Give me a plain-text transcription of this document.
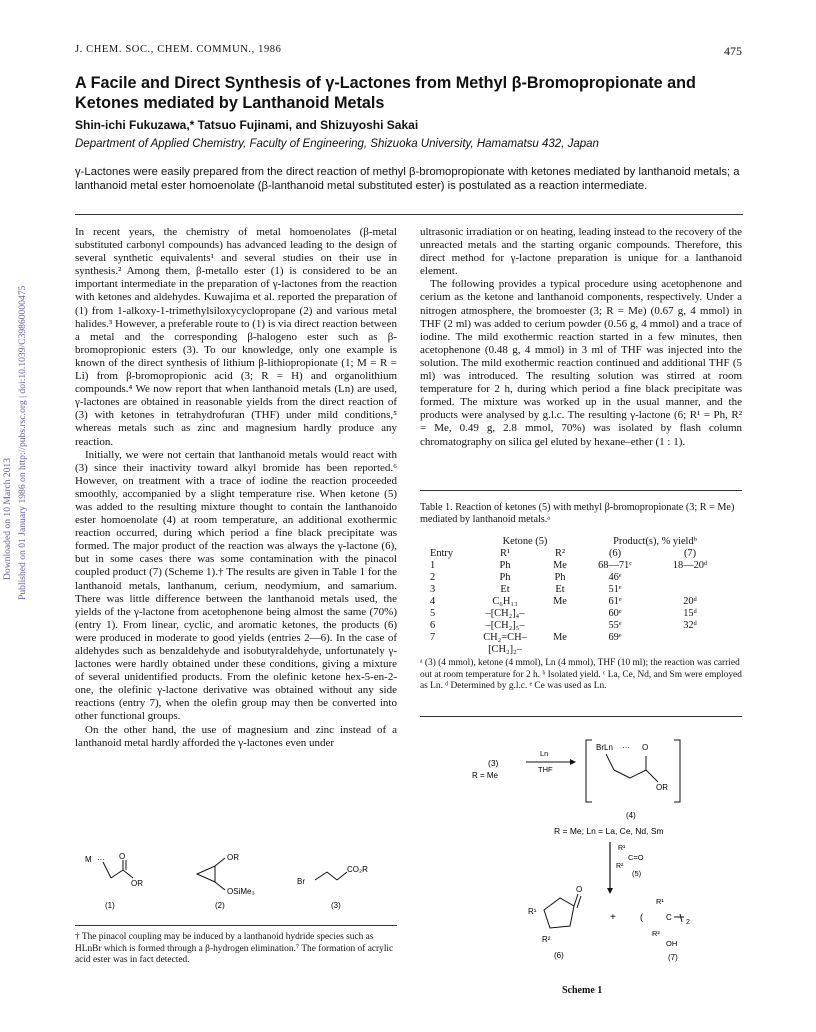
J. CHEM. SOC., CHEM. COMMUN., 1986	475
A Facile and Direct Synthesis of γ-Lactones from Methyl β-Bromopropionate and Ketones mediated by Lanthanoid Metals
Shin-ichi Fukuzawa,* Tatsuo Fujinami, and Shizuyoshi Sakai
Department of Applied Chemistry, Faculty of Engineering, Shizuoka University, Hamamatsu 432, Japan
γ-Lactones were easily prepared from the direct reaction of methyl β-bromopropionate with ketones mediated by lanthanoid metals; a lanthanoid metal ester homoenolate (β-lanthanoid metal substituted ester) is postulated as a reaction intermediate.
Downloaded on 10 March 2013 Published on 01 January 1986 on http://pubs.rsc.org | doi:10.1039/C39860000475

In recent years, the chemistry of metal homoenolates (β-metal substituted carbonyl compounds) has advanced leading to the design of several synthetic equivalents¹ and several studies on their use in synthesis.² Among them, β-metallo ester (1) is considered to be an important intermediate in the preparation of γ-lactones from the reaction with ketones and aldehydes. Kuwajima et al. reported the preparation of (1) from 1-alkoxy-1-trimethylsiloxycyclopropane (2) and various metal halides.³ However, a preferable route to (1) is via direct reaction between a metal and the corresponding β-halogeno ester such as β-bromopropionic esters (3). To our knowledge, only one example is known of the direct synthesis of lithium β-lithiopropionate (1; M = R = Li) from β-bromopropionic acid (3; R = H) and organolithium compounds.⁴ We now report that when lanthanoid metals (Ln) are used, γ-lactones are obtained in reasonable yields from the direct reaction of (3) with ketones in tetrahydrofuran (THF) under mild conditions,⁵ whereas metals such as zinc and magnesium hardly produce any reaction.

Initially, we were not certain that lanthanoid metals would react with (3) since their inactivity toward alkyl bromide has been reported.⁶ However, on treatment with a trace of iodine the reaction proceeded smoothly, accompanied by a slight temperature rise. When ketone (5) was added to the resulting mixture thought to contain the lanthanoido ester homoenolate (4) at room temperature, an additional exothermic reaction occurred, during which period a fine black precipitate was formed. The major product of the reaction was always the γ-lactone (6), but in some cases there was some contamination with the pinacol coupled product (7) (Scheme 1).† The results are given in Table 1 for the lanthanoid metals, lanthanum, cerium, neodymium, and samarium. There was little difference between the lanthanoid metals used, the yields of the γ-lactone from acetophenone being almost the same (70%) (entry 1). From linear, cyclic, and aromatic ketones, the products (6) were produced in moderate to good yields (entries 2—6). In the case of aldehydes such as benzaldehyde and isobutyraldehyde, unfortunately γ-lactones were hardly obtained under these conditions, giving a mixture of several unidentified products. From the olefinic ketone hex-5-en-2-one, the olefinic γ-lactone derivative was obtained without any side reactions (entry 7), when the olefin group may then be converted into other functional groups.

On the other hand, the use of magnesium and zinc instead of a lanthanoid metal hardly afforded the γ-lactones even under

M ··· O
OR
(1)
OR
OSiMe₃
(2)
Br
CO₂R
(3)
† The pinacol coupling may be induced by a lanthanoid hydride species such as HLnBr which is formed through a β-hydrogen elimination.⁷ The formation of acrylic acid ester was in fact detected.

ultrasonic irradiation or on heating, leading instead to the recovery of the unreacted metals and the starting organic compounds. Therefore, this direct method for γ-lactone preparation is unique for a lanthanoid element.

The following provides a typical procedure using acetophenone and cerium as the ketone and lanthanoid components, respectively. Under a nitrogen atmosphere, the bromoester (3; R = Me) (0.67 g, 4 mmol) in THF (2 ml) was added to cerium powder (0.56 g, 4 mmol) and a trace of iodine. The mild exothermic reaction started in a few minutes, then acetophenone (0.48 g, 4 mmol) in 3 ml of THF was injected into the solution. The mild exothermic reaction continued and additional THF (5 ml) was introduced. The resulting solution was stirred at room temperature for 2 h, during which period a fine black precipitate was formed. The mixture was worked up in the usual manner, and the products were analysed by g.l.c. The resulting γ-lactone (6; R¹ = Ph, R² = Me, 0.49 g, 2.8 mmol, 70%) was isolated by flash column chromatography on silica gel eluted by hexane–ether (1 : 1).

Table 1. Reaction of ketones (5) with methyl β-bromopropionate (3; R = Me) mediated by lanthanoid metals.ᵃ
	Ketone (5)		Product(s), % yieldᵇ	
Entry	R¹	R²	(6)	(7)
1	Ph	Me	68—71ᶜ	18—20ᵈ
2	Ph	Ph	46ᵉ	
3	Et	Et	51ᵉ	
4	C₆H₁₃	Me	61ᵉ	20ᵈ
5	–[CH₂]₄–		60ᵉ	15ᵈ
6	–[CH₂]₅–		55ᵉ	32ᵈ
7	CH₂=CH–[CH₂]₂–	Me	69ᵉ	
ᵃ (3) (4 mmol), ketone (4 mmol), Ln (4 mmol), THF (10 ml); the reaction was carried out at room temperature for 2 h. ᵇ Isolated yield. ᶜ La, Ce, Nd, and Sm were employed as Ln. ᵈ Determined by g.l.c. ᵉ Ce was used as Ln.
(3)
R = Me
Ln
THF
BrLn ··· O
OR
(4)
R = Me; Ln = La, Ce, Nd, Sm
R¹
R²
C=O
(5)
O
R¹
R²
(6)
+	(
R¹
C
2
R²
OH
(7)
Scheme 1
